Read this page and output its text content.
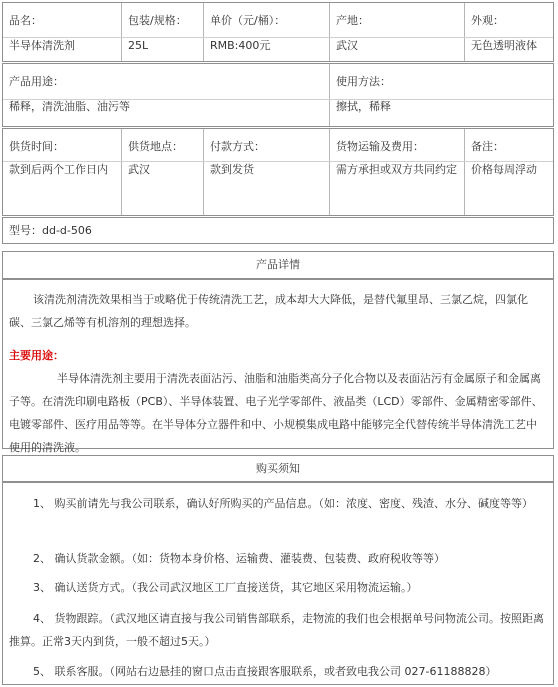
品名：
半导体清洗剂
包装/规格：
25L
单价（元/桶）：
RMB:400元
产地：
武汉
外观：
无色透明液体
产品用途：
稀释，清洗油脂、油污等
使用方法：
擦拭，稀释
供货时间：
款到后两个工作日内
供货地点：
武汉
付款方式：
款到发货
货物运输及费用：
需方承担或双方共同约定
备注：
价格每周浮动
型号：dd-d-506
产品详情

该清洗剂清洗效果相当于或略优于传统清洗工艺，成本却大大降低，是替代氟里昂、三氯乙烷，四氯化碳、三氯乙烯等有机溶剂的理想选择。

主要用途：

半导体清洗剂主要用于清洗表面沾污、油脂和油脂类高分子化合物以及表面沾污有金属原子和金属离子等。在清洗印刷电路板（PCB）、半导体装置、电子光学零部件、液晶类（LCD）零部件、金属精密零部件、电镀零部件、医疗用品等等。在半导体分立器件和中、小规模集成电路中能够完全代替传统半导体清洗工艺中使用的清洗液。

购买须知

1、 购买前请先与我公司联系，确认好所购买的产品信息。（如：浓度、密度、残渣、水分、碱度等等）

2、 确认货款金额。（如：货物本身价格、运输费、灌装费、包装费、政府税收等等）

3、 确认送货方式。（我公司武汉地区工厂直接送货，其它地区采用物流运输。）

4、 货物跟踪。（武汉地区请直接与我公司销售部联系，走物流的我们也会根据单号问物流公司。按照距离推算。正常3天内到货，一般不超过5天。）

5、 联系客服。（网站右边悬挂的窗口点击直接跟客服联系，或者致电我公司 027-61188828）
